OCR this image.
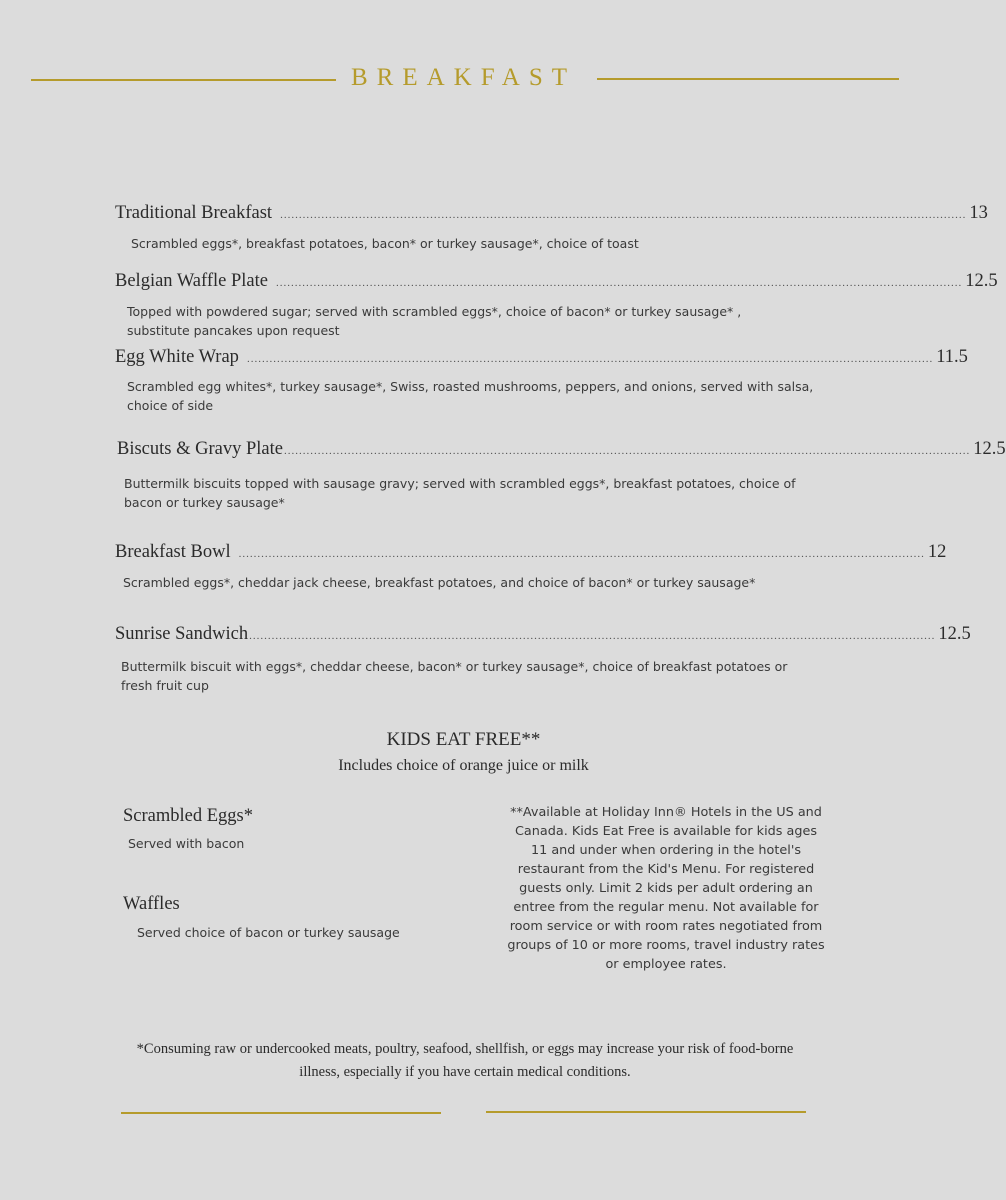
BREAKFAST
Traditional Breakfast ....................................................................................................................................................................................... 13
Scrambled eggs*, breakfast potatoes, bacon* or turkey sausage*, choice of toast
Belgian Waffle Plate ....................................................................................................................................................................................... 12.5
Topped with powdered sugar; served with scrambled eggs*, choice of bacon* or turkey sausage* , substitute pancakes upon request
Egg White Wrap ....................................................................................................................................................................................... 11.5
Scrambled egg whites*, turkey sausage*, Swiss, roasted mushrooms, peppers, and onions, served with salsa, choice of side
Biscuts & Gravy Plate ....................................................................................................................................................................................... 12.5
Buttermilk biscuits topped with sausage gravy; served with scrambled eggs*, breakfast potatoes, choice of bacon or turkey sausage*
Breakfast Bowl ....................................................................................................................................................................................... 12
Scrambled eggs*, cheddar jack cheese, breakfast potatoes, and choice of bacon* or turkey sausage*
Sunrise Sandwich ....................................................................................................................................................................................... 12.5
Buttermilk biscuit with eggs*, cheddar cheese, bacon* or turkey sausage*, choice of breakfast potatoes or fresh fruit cup
KIDS EAT FREE**
Includes choice of orange juice or milk
Scrambled Eggs*
Served with bacon
Waffles
Served choice of bacon or turkey sausage
**Available at Holiday Inn® Hotels in the US and Canada. Kids Eat Free is available for kids ages 11 and under when ordering in the hotel's restaurant from the Kid's Menu. For registered guests only. Limit 2 kids per adult ordering an entree from the regular menu. Not available for room service or with room rates negotiated from groups of 10 or more rooms, travel industry rates or employee rates.
*Consuming raw or undercooked meats, poultry, seafood, shellfish, or eggs may increase your risk of food-borne illness, especially if you have certain medical conditions.
